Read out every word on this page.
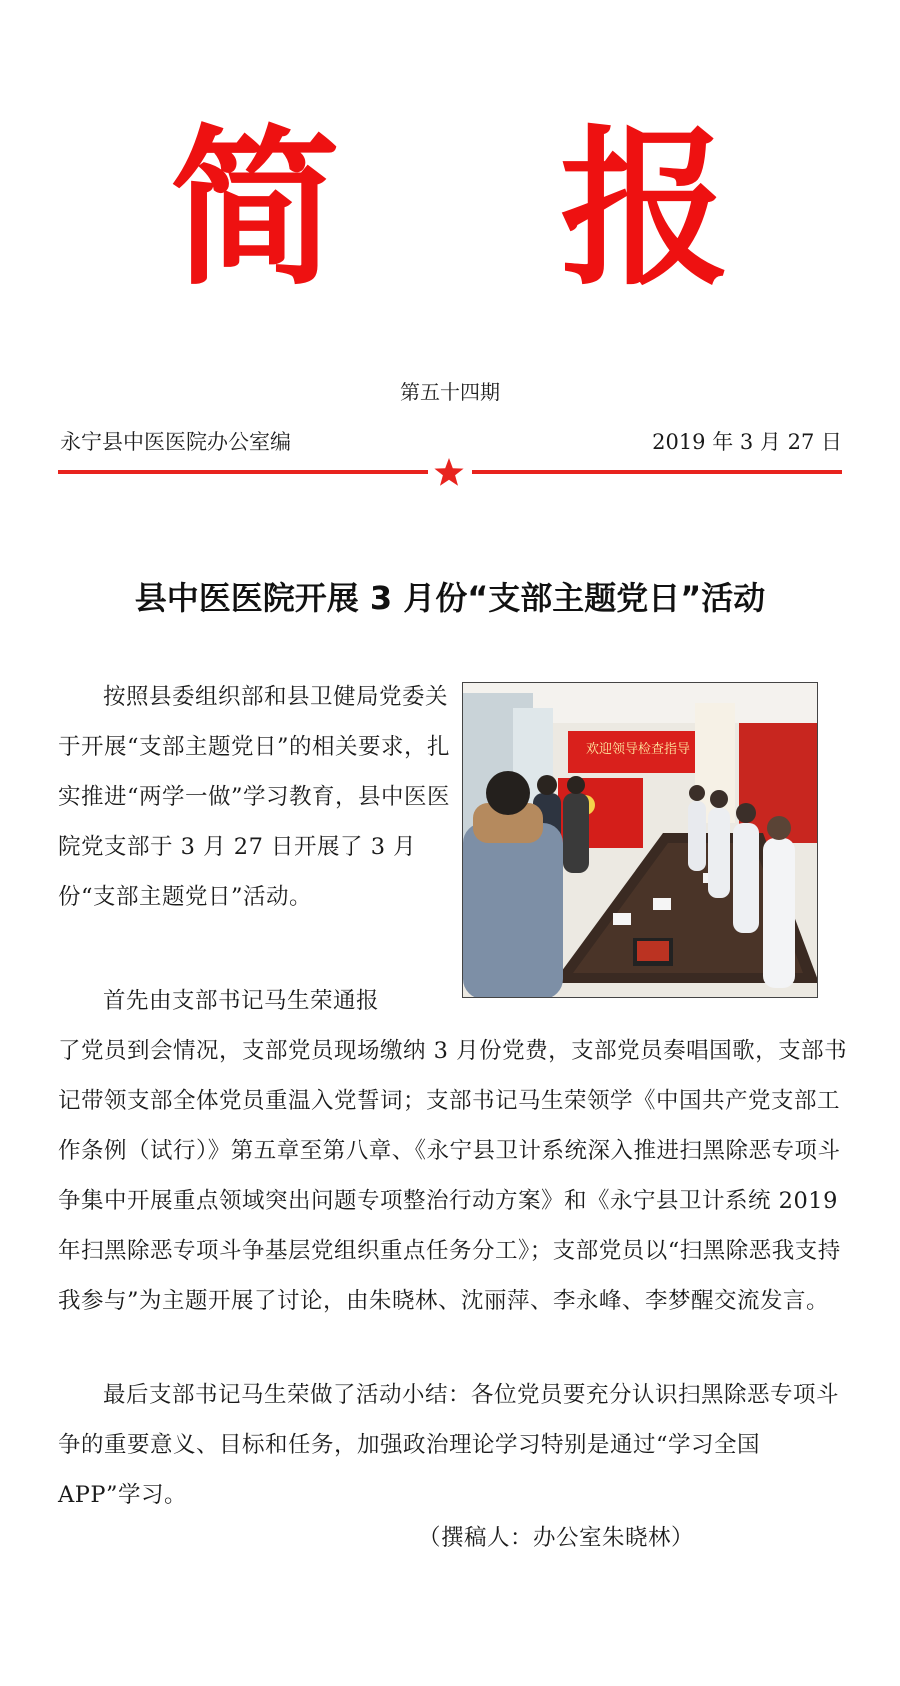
简 报
第五十四期
永宁县中医医院办公室编	2019 年 3 月 27 日
县中医医院开展 3 月份“支部主题党日”活动

按照县委组织部和县卫健局党委关于开展“支部主题党日”的相关要求，扎实推进“两学一做”学习教育，县中医医院党支部于 3 月 27 日开展了 3 月份“支部主题党日”活动。

欢迎领导检查指导

首先由支部书记马生荣通报

了党员到会情况，支部党员现场缴纳 3 月份党费，支部党员奏唱国歌，支部书记带领支部全体党员重温入党誓词；支部书记马生荣领学《中国共产党支部工作条例（试行）》第五章至第八章、《永宁县卫计系统深入推进扫黑除恶专项斗争集中开展重点领域突出问题专项整治行动方案》和《永宁县卫计系统 2019 年扫黑除恶专项斗争基层党组织重点任务分工》；支部党员以“扫黑除恶我支持我参与”为主题开展了讨论，由朱晓林、沈丽萍、李永峰、李梦醒交流发言。

最后支部书记马生荣做了活动小结：各位党员要充分认识扫黑除恶专项斗争的重要意义、目标和任务，加强政治理论学习特别是通过“学习全国 APP”学习。

（撰稿人：办公室朱晓林）
